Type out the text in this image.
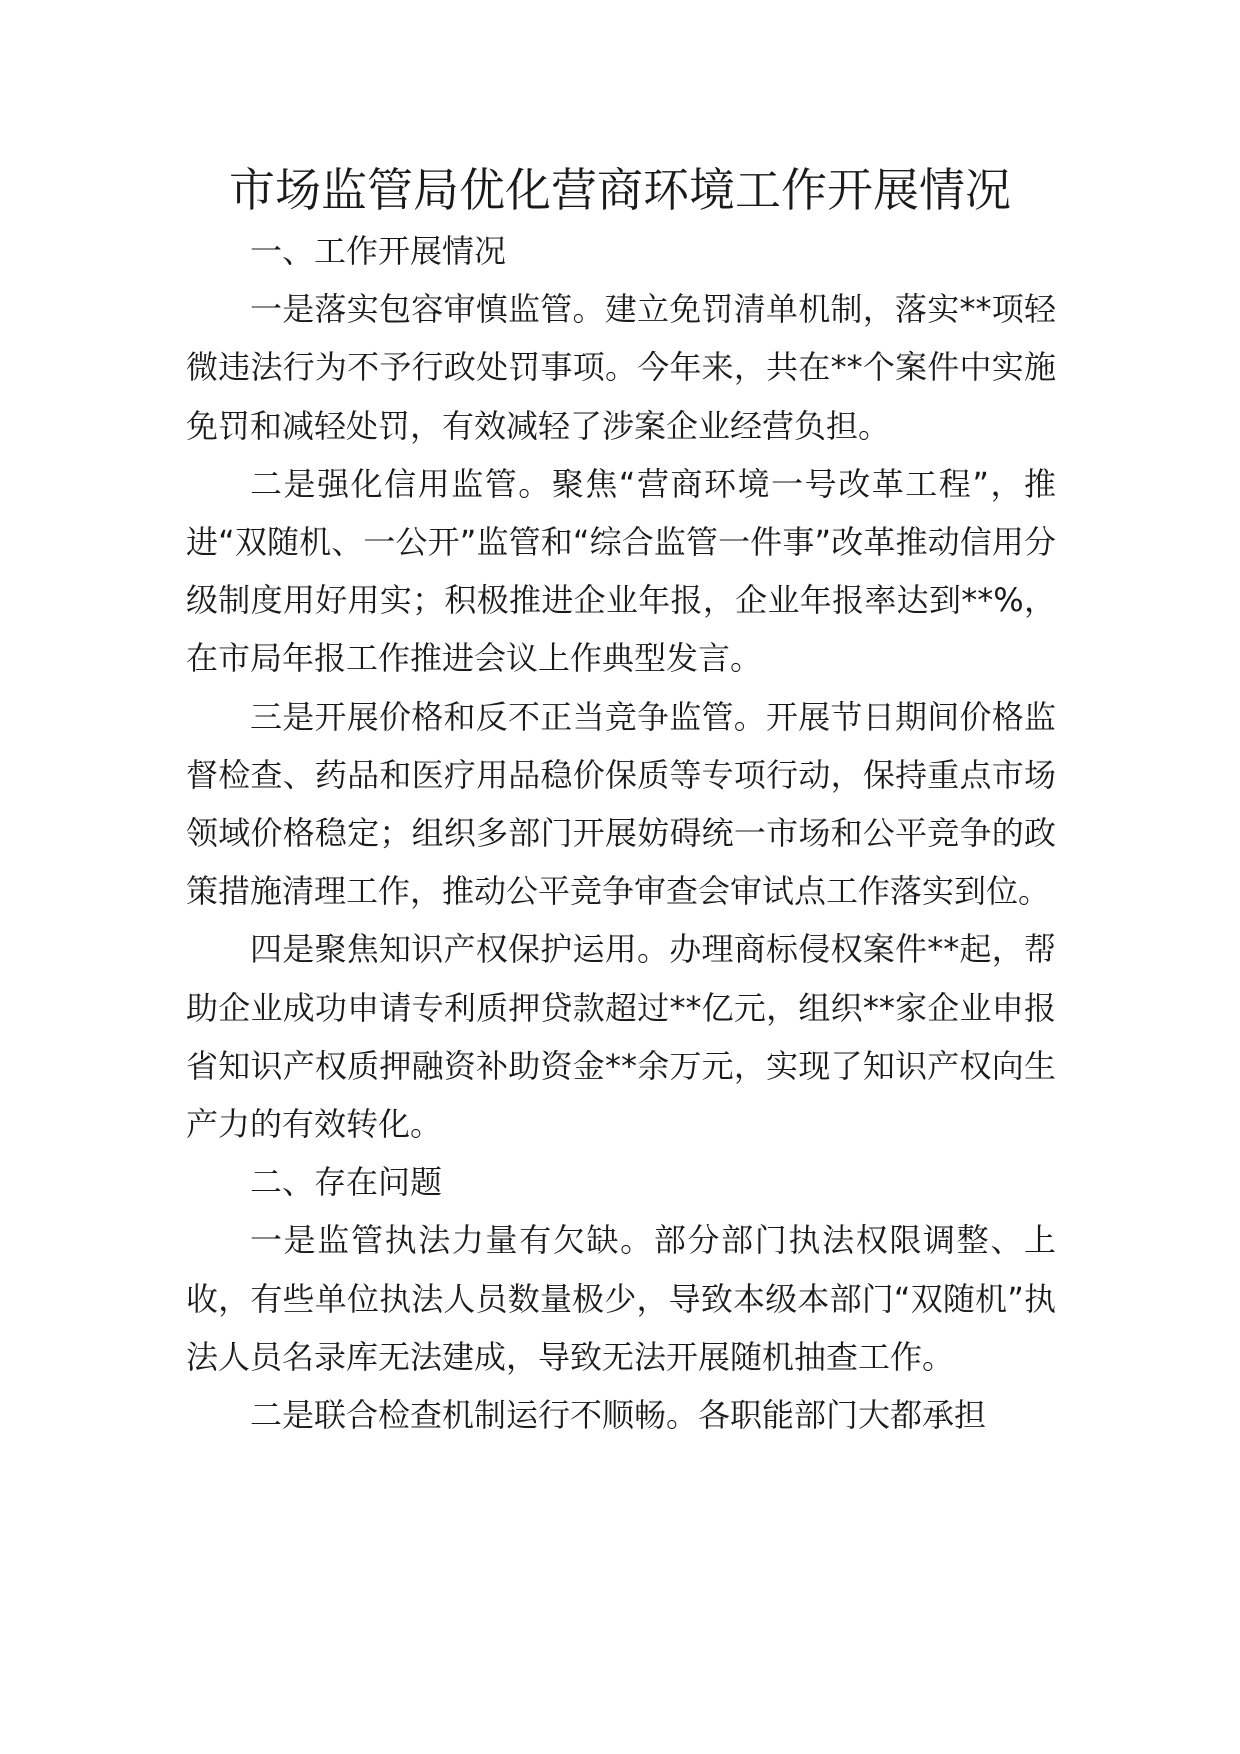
市场监管局优化营商环境工作开展情况

一、工作开展情况

一是落实包容审慎监管。建立免罚清单机制，落实**项轻微违法行为不予行政处罚事项。今年来，共在**个案件中实施免罚和减轻处罚，有效减轻了涉案企业经营负担。

二是强化信用监管。聚焦“营商环境一号改革工程”，推进“双随机、一公开”监管和“综合监管一件事”改革推动信用分级制度用好用实；积极推进企业年报，企业年报率达到**%，在市局年报工作推进会议上作典型发言。

三是开展价格和反不正当竞争监管。开展节日期间价格监督检查、药品和医疗用品稳价保质等专项行动，保持重点市场领域价格稳定；组织多部门开展妨碍统一市场和公平竞争的政策措施清理工作，推动公平竞争审查会审试点工作落实到位。

四是聚焦知识产权保护运用。办理商标侵权案件**起，帮助企业成功申请专利质押贷款超过**亿元，组织**家企业申报省知识产权质押融资补助资金**余万元，实现了知识产权向生产力的有效转化。

二、存在问题

一是监管执法力量有欠缺。部分部门执法权限调整、上收，有些单位执法人员数量极少，导致本级本部门“双随机”执法人员名录库无法建成，导致无法开展随机抽查工作。

二是联合检查机制运行不顺畅。各职能部门大都承担
